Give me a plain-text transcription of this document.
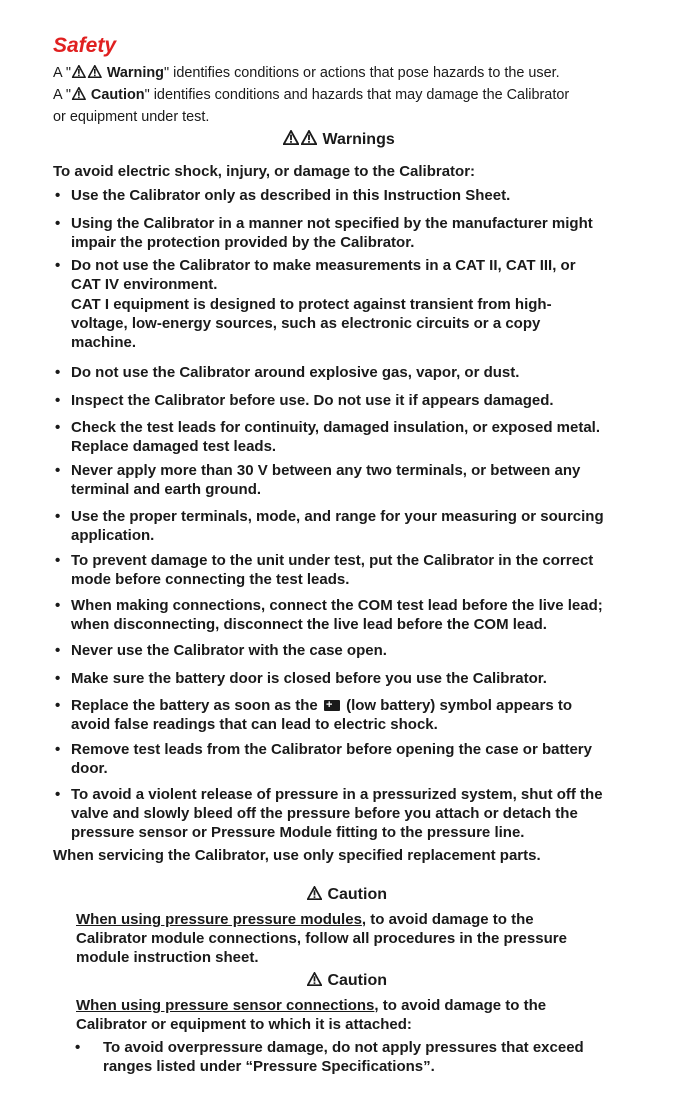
Safety
A " Warning" identifies conditions or actions that pose hazards to the user.
A " Caution" identifies conditions and hazards that may damage the Calibrator
or equipment under test.
Warnings
To avoid electric shock, injury, or damage to the Calibrator:
• Use the Calibrator only as described in this Instruction Sheet.
• Using the Calibrator in a manner not specified by the manufacturer might
impair the protection provided by the Calibrator.
• Do not use the Calibrator to make measurements in a CAT II, CAT III, or
CAT IV environment.
• Do not use the Calibrator around explosive gas, vapor, or dust.
• Inspect the Calibrator before use. Do not use it if appears damaged.
• Check the test leads for continuity, damaged insulation, or exposed metal.
Replace damaged test leads.
• Never apply more than 30 V between any two terminals, or between any
terminal and earth ground.
• Use the proper terminals, mode, and range for your measuring or sourcing
application.
• To prevent damage to the unit under test, put the Calibrator in the correct
mode before connecting the test leads.
• When making connections, connect the COM test lead before the live lead;
when disconnecting, disconnect the live lead before the COM lead.
• Never use the Calibrator with the case open.
• Make sure the battery door is closed before you use the Calibrator.
• Replace the battery as soon as the + (low battery) symbol appears to
avoid false readings that can lead to electric shock.
• Remove test leads from the Calibrator before opening the case or battery
door.
• To avoid a violent release of pressure in a pressurized system, shut off the
valve and slowly bleed off the pressure before you attach or detach the
pressure sensor or Pressure Module fitting to the pressure line.
CAT I equipment is designed to protect against transient from high-
voltage, low-energy sources, such as electronic circuits or a copy
machine.
When servicing the Calibrator, use only specified replacement parts.
Caution
When using pressure pressure modules, to avoid damage to the
Calibrator module connections, follow all procedures in the pressure
module instruction sheet.
Caution
When using pressure sensor connections, to avoid damage to the
Calibrator or equipment to which it is attached:
•	To avoid overpressure damage, do not apply pressures that exceed
ranges listed under “Pressure Specifications”.
